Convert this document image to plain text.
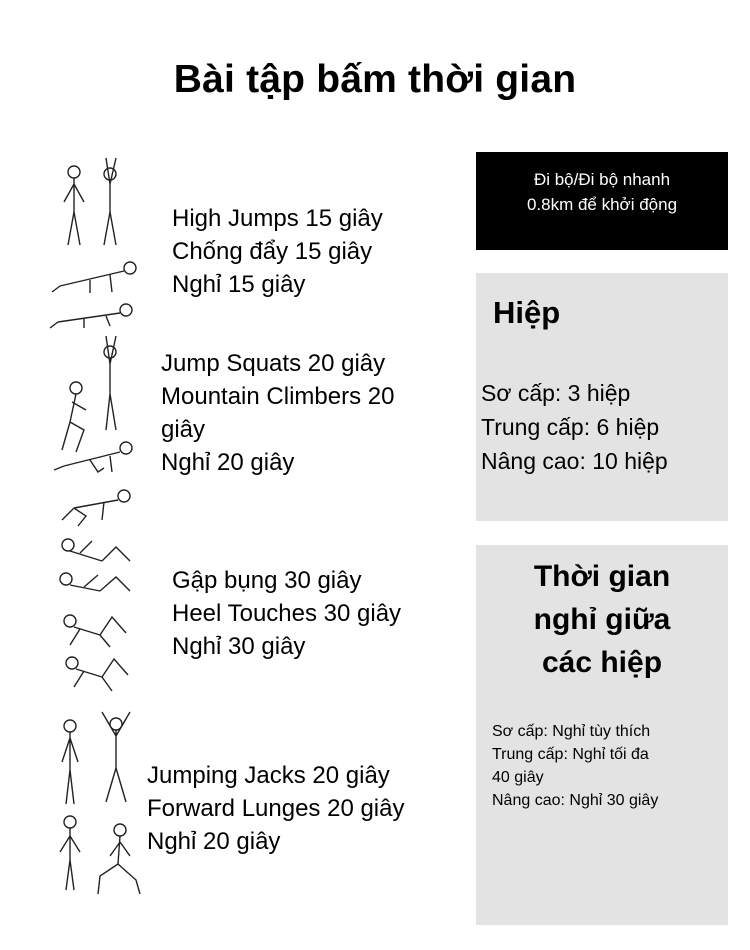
Bài tập bấm thời gian
High Jumps 15 giây
Chống đẩy 15 giây
Nghỉ 15 giây
Jump Squats 20 giây
Mountain Climbers 20
giây
Nghỉ 20 giây
Gập bụng 30 giây
Heel Touches 30 giây
Nghỉ 30 giây
Jumping Jacks 20 giây
Forward Lunges 20 giây
Nghỉ 20 giây
Đi bộ/Đi bộ nhanh
0.8km để khởi động
Hiệp
Sơ cấp: 3 hiệp
Trung cấp: 6 hiệp
Nâng cao: 10 hiệp
Thời gian
nghỉ giữa
các hiệp
Sơ cấp: Nghỉ tùy thích
Trung cấp: Nghỉ tối đa
40 giây
Nâng cao: Nghỉ 30 giây
